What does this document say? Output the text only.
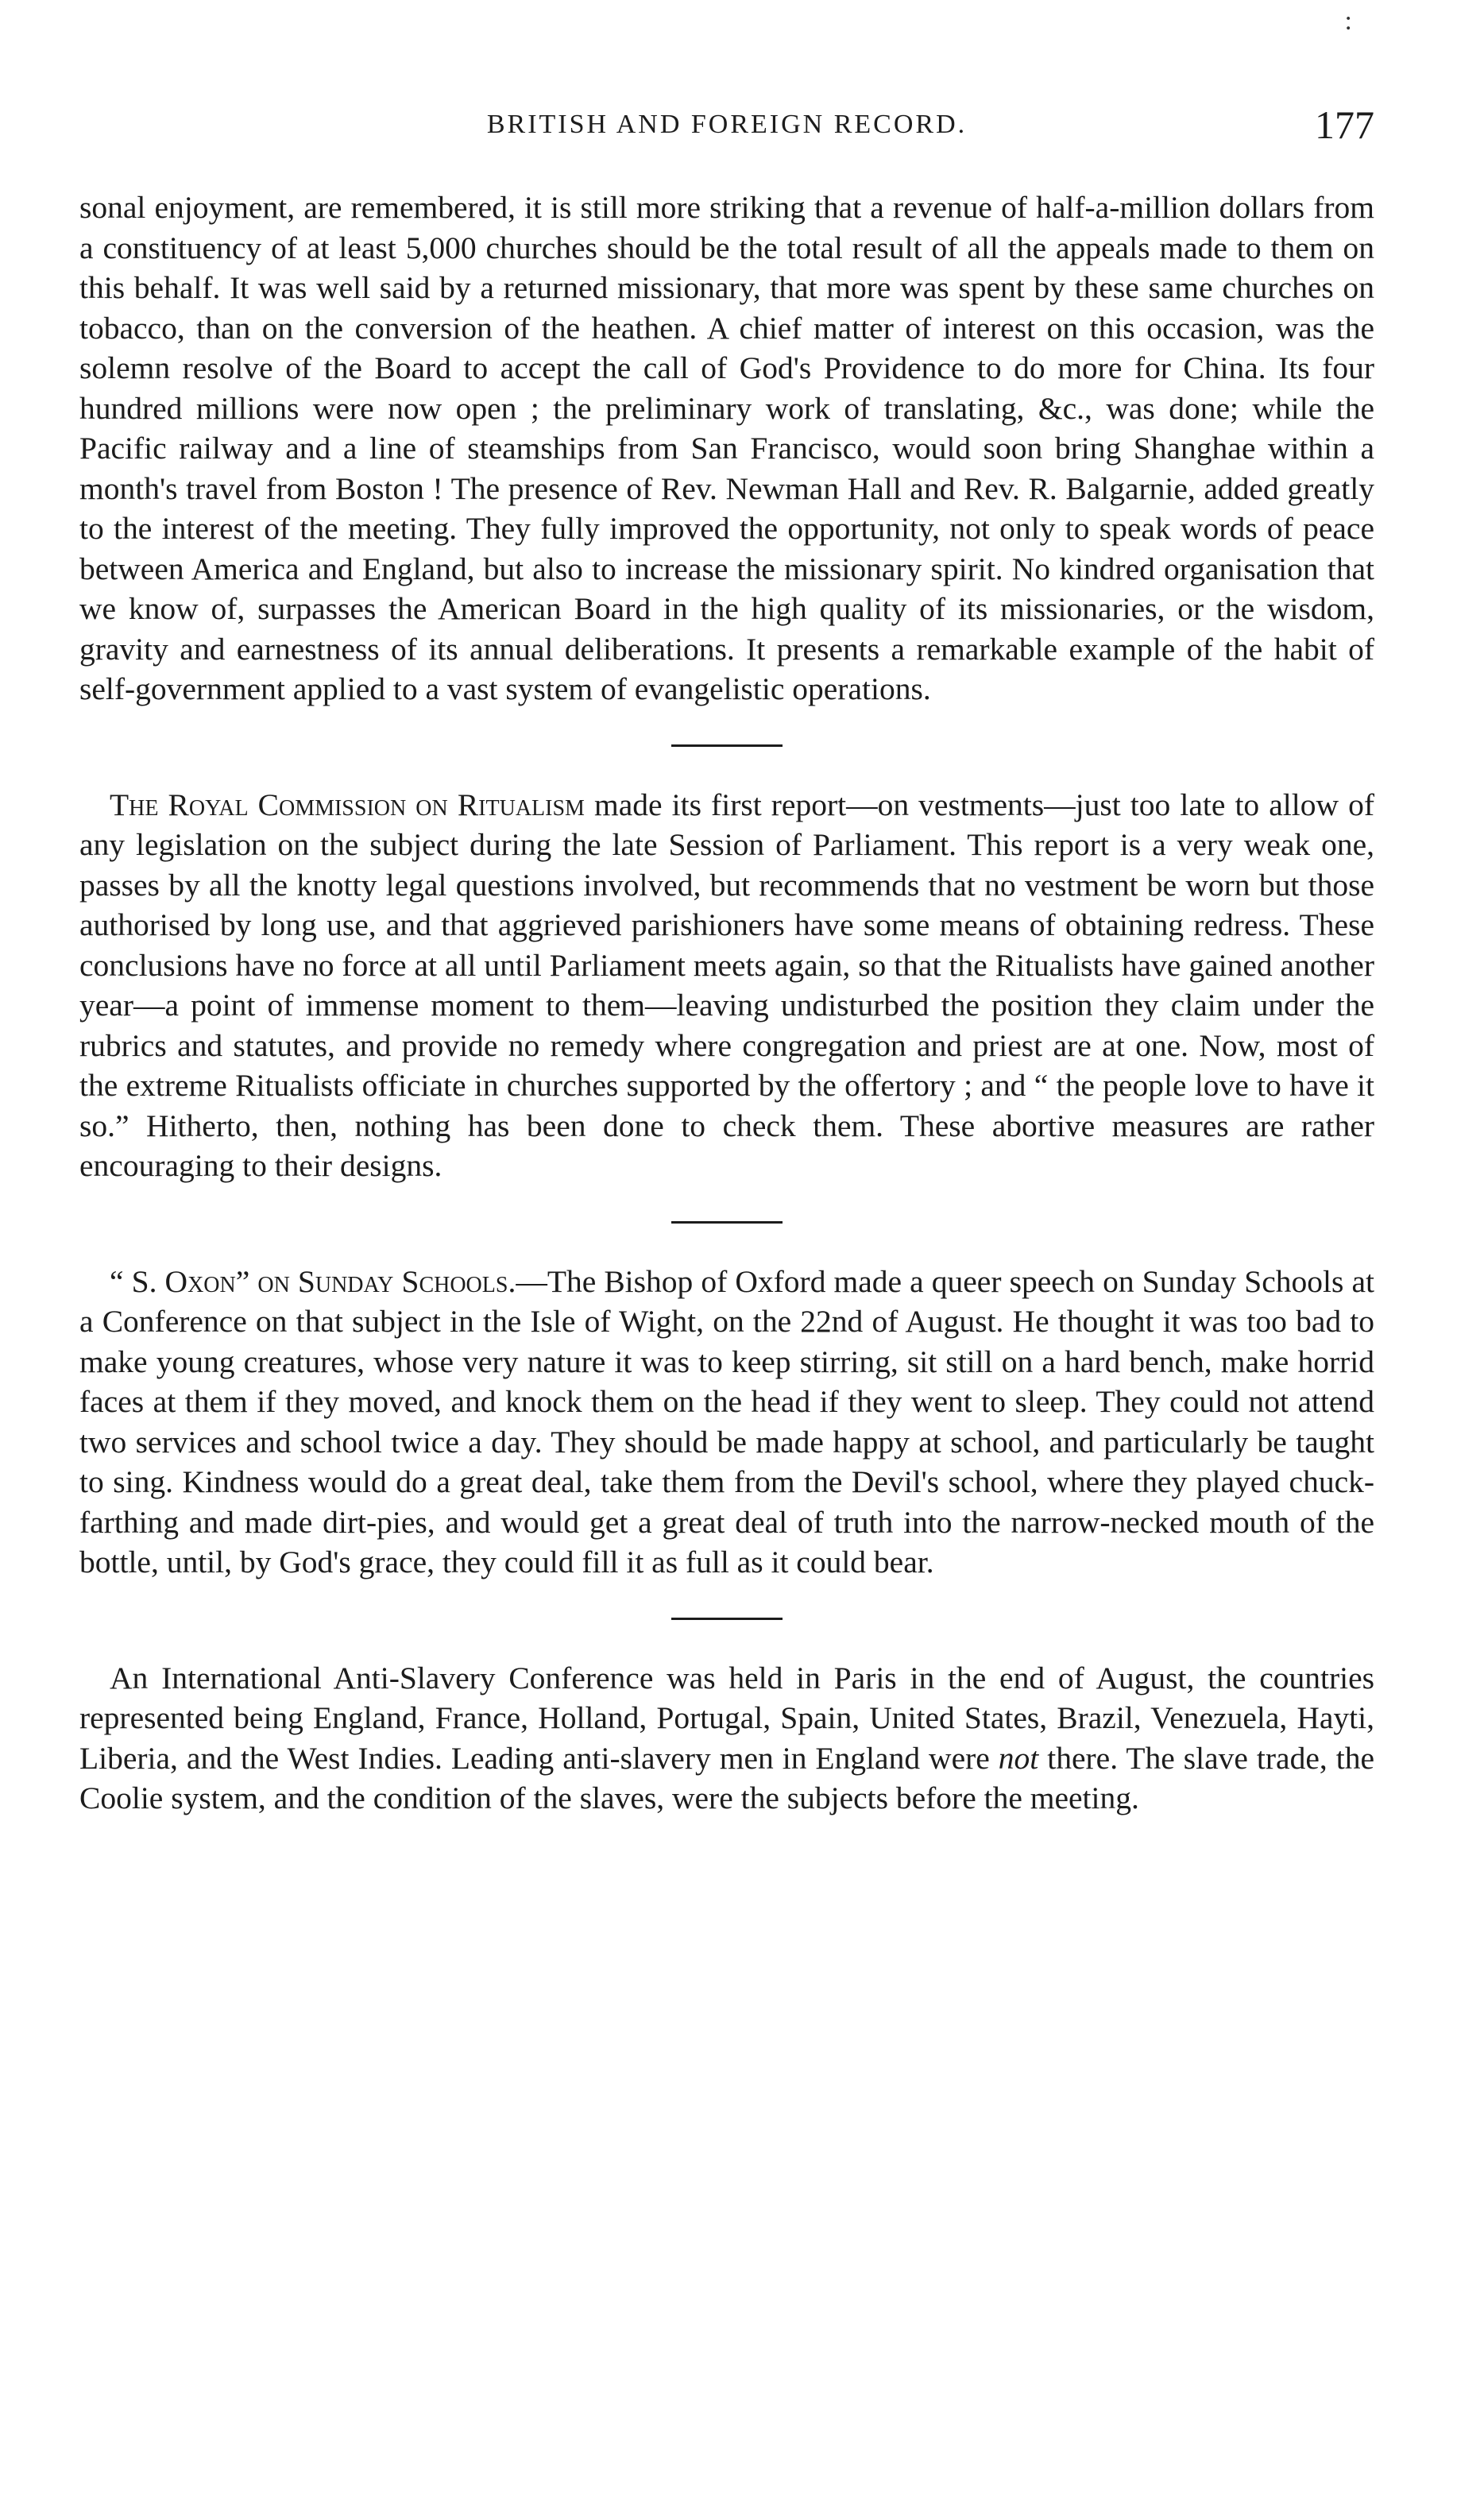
:
BRITISH AND FOREIGN RECORD.	177

sonal enjoyment, are remembered, it is still more striking that a revenue of half-a-million dollars from a constituency of at least 5,000 churches should be the total result of all the appeals made to them on this behalf. It was well said by a returned missionary, that more was spent by these same churches on tobacco, than on the conversion of the heathen. A chief matter of interest on this occasion, was the solemn resolve of the Board to accept the call of God's Providence to do more for China. Its four hundred millions were now open ; the preliminary work of translating, &c., was done; while the Pacific railway and a line of steamships from San Francisco, would soon bring Shanghae within a month's travel from Boston ! The presence of Rev. Newman Hall and Rev. R. Balgarnie, added greatly to the interest of the meeting. They fully improved the opportunity, not only to speak words of peace between America and England, but also to increase the missionary spirit. No kindred organisation that we know of, surpasses the American Board in the high quality of its missionaries, or the wisdom, gravity and earnestness of its annual deliberations. It presents a remarkable example of the habit of self-government applied to a vast system of evangelistic operations.

The Royal Commission on Ritualism made its first report—on vestments—just too late to allow of any legislation on the subject during the late Session of Parliament. This report is a very weak one, passes by all the knotty legal questions involved, but recommends that no vestment be worn but those authorised by long use, and that aggrieved parishioners have some means of obtaining redress. These conclusions have no force at all until Parliament meets again, so that the Ritualists have gained another year—a point of immense moment to them—leaving undisturbed the position they claim under the rubrics and statutes, and provide no remedy where congregation and priest are at one. Now, most of the extreme Ritualists officiate in churches supported by the offertory ; and “ the people love to have it so.” Hitherto, then, nothing has been done to check them. These abortive measures are rather encouraging to their designs.

“ S. Oxon” on Sunday Schools.—The Bishop of Oxford made a queer speech on Sunday Schools at a Conference on that subject in the Isle of Wight, on the 22nd of August. He thought it was too bad to make young creatures, whose very nature it was to keep stirring, sit still on a hard bench, make horrid faces at them if they moved, and knock them on the head if they went to sleep. They could not attend two services and school twice a day. They should be made happy at school, and particularly be taught to sing. Kindness would do a great deal, take them from the Devil's school, where they played chuck-farthing and made dirt-pies, and would get a great deal of truth into the narrow-necked mouth of the bottle, until, by God's grace, they could fill it as full as it could bear.

An International Anti-Slavery Conference was held in Paris in the end of August, the countries represented being England, France, Holland, Portugal, Spain, United States, Brazil, Venezuela, Hayti, Liberia, and the West Indies. Leading anti-slavery men in England were not there. The slave trade, the Coolie system, and the condition of the slaves, were the subjects before the meeting.
